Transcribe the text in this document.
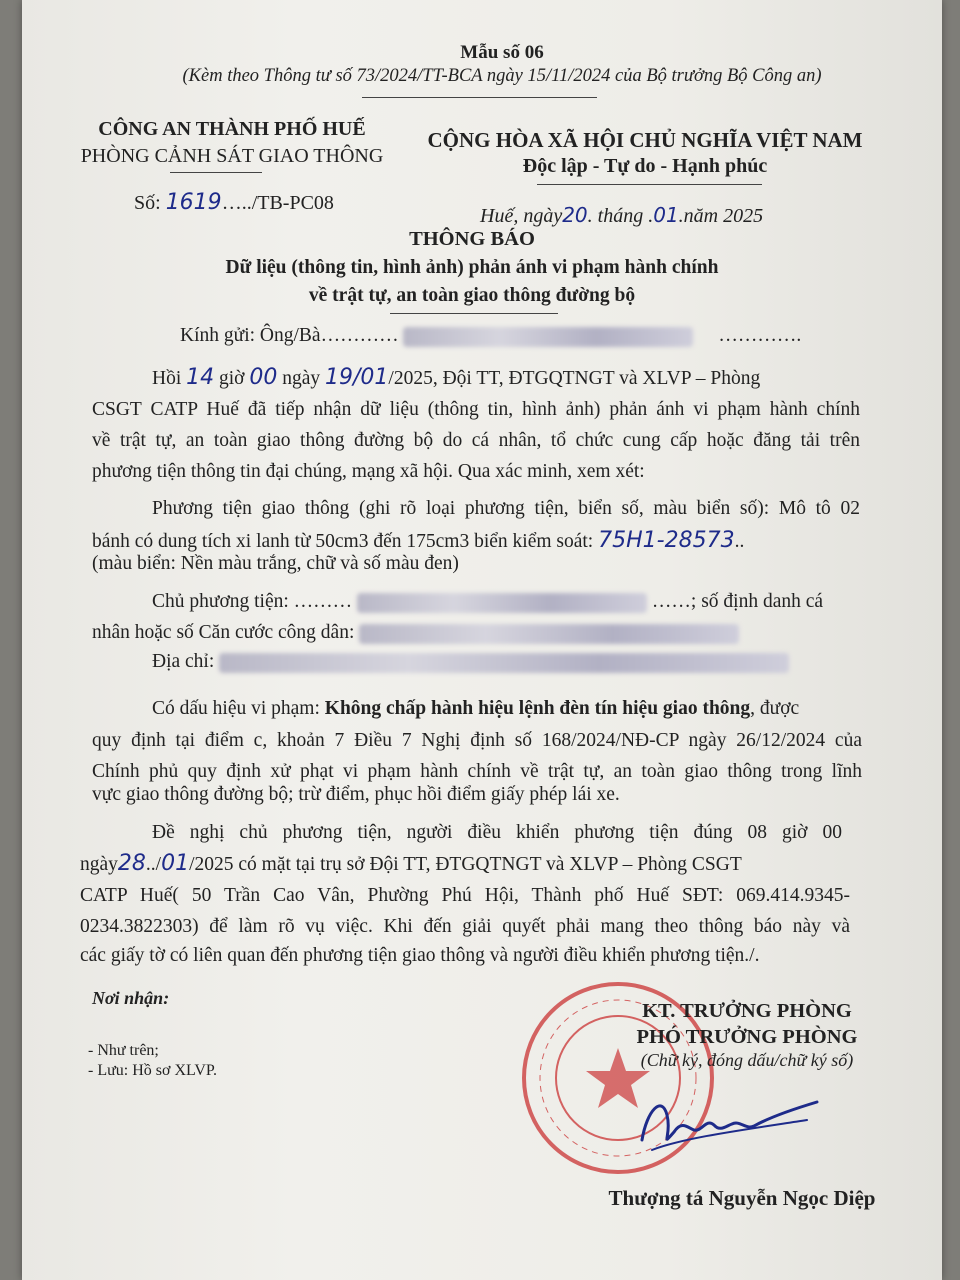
Mẫu số 06
(Kèm theo Thông tư số 73/2024/TT-BCA ngày 15/11/2024 của Bộ trưởng Bộ Công an)
CÔNG AN THÀNH PHỐ HUẾ
PHÒNG CẢNH SÁT GIAO THÔNG
Số: 1619…../TB-PC08
CỘNG HÒA XÃ HỘI CHỦ NGHĨA VIỆT NAM
Độc lập - Tự do - Hạnh phúc
Huế, ngày20. tháng .01.năm 2025
THÔNG BÁO
Dữ liệu (thông tin, hình ảnh) phản ánh vi phạm hành chính
về trật tự, an toàn giao thông đường bộ
Kính gửi: Ông/Bà…………	………….
Hồi 14 giờ 00 ngày 19/01/2025, Đội TT, ĐTGQTNGT và XLVP – Phòng
CSGT CATP Huế đã tiếp nhận dữ liệu (thông tin, hình ảnh) phản ánh vi phạm hành chính
về trật tự, an toàn giao thông đường bộ do cá nhân, tổ chức cung cấp hoặc đăng tải trên
phương tiện thông tin đại chúng, mạng xã hội. Qua xác minh, xem xét:
Phương tiện giao thông (ghi rõ loại phương tiện, biển số, màu biển số): Mô tô 02
bánh có dung tích xi lanh từ 50cm3 đến 175cm3 biển kiểm soát: 75H1-28573..
(màu biển: Nền màu trắng, chữ và số màu đen)
Chủ phương tiện: ………	……; số định danh cá
nhân hoặc số Căn cước công dân:
Địa chỉ:
Có dấu hiệu vi phạm: Không chấp hành hiệu lệnh đèn tín hiệu giao thông, được
quy định tại điểm c, khoản 7 Điều 7 Nghị định số 168/2024/NĐ-CP ngày 26/12/2024 của
Chính phủ quy định xử phạt vi phạm hành chính về trật tự, an toàn giao thông trong lĩnh
vực giao thông đường bộ; trừ điểm, phục hồi điểm giấy phép lái xe.
Đề nghị chủ phương tiện, người điều khiển phương tiện đúng 08 giờ 00
ngày28../01/2025 có mặt tại trụ sở Đội TT, ĐTGQTNGT và XLVP – Phòng CSGT
CATP Huế( 50 Trần Cao Vân, Phường Phú Hội, Thành phố Huế SĐT: 069.414.9345-
0234.3822303) để làm rõ vụ việc. Khi đến giải quyết phải mang theo thông báo này và
các giấy tờ có liên quan đến phương tiện giao thông và người điều khiển phương tiện./.
Nơi nhận:
- Như trên;
- Lưu: Hồ sơ XLVP.
KT. TRƯỞNG PHÒNG
PHÓ TRƯỞNG PHÒNG
(Chữ ký, đóng dấu/chữ ký số)
Thượng tá Nguyễn Ngọc Diệp
